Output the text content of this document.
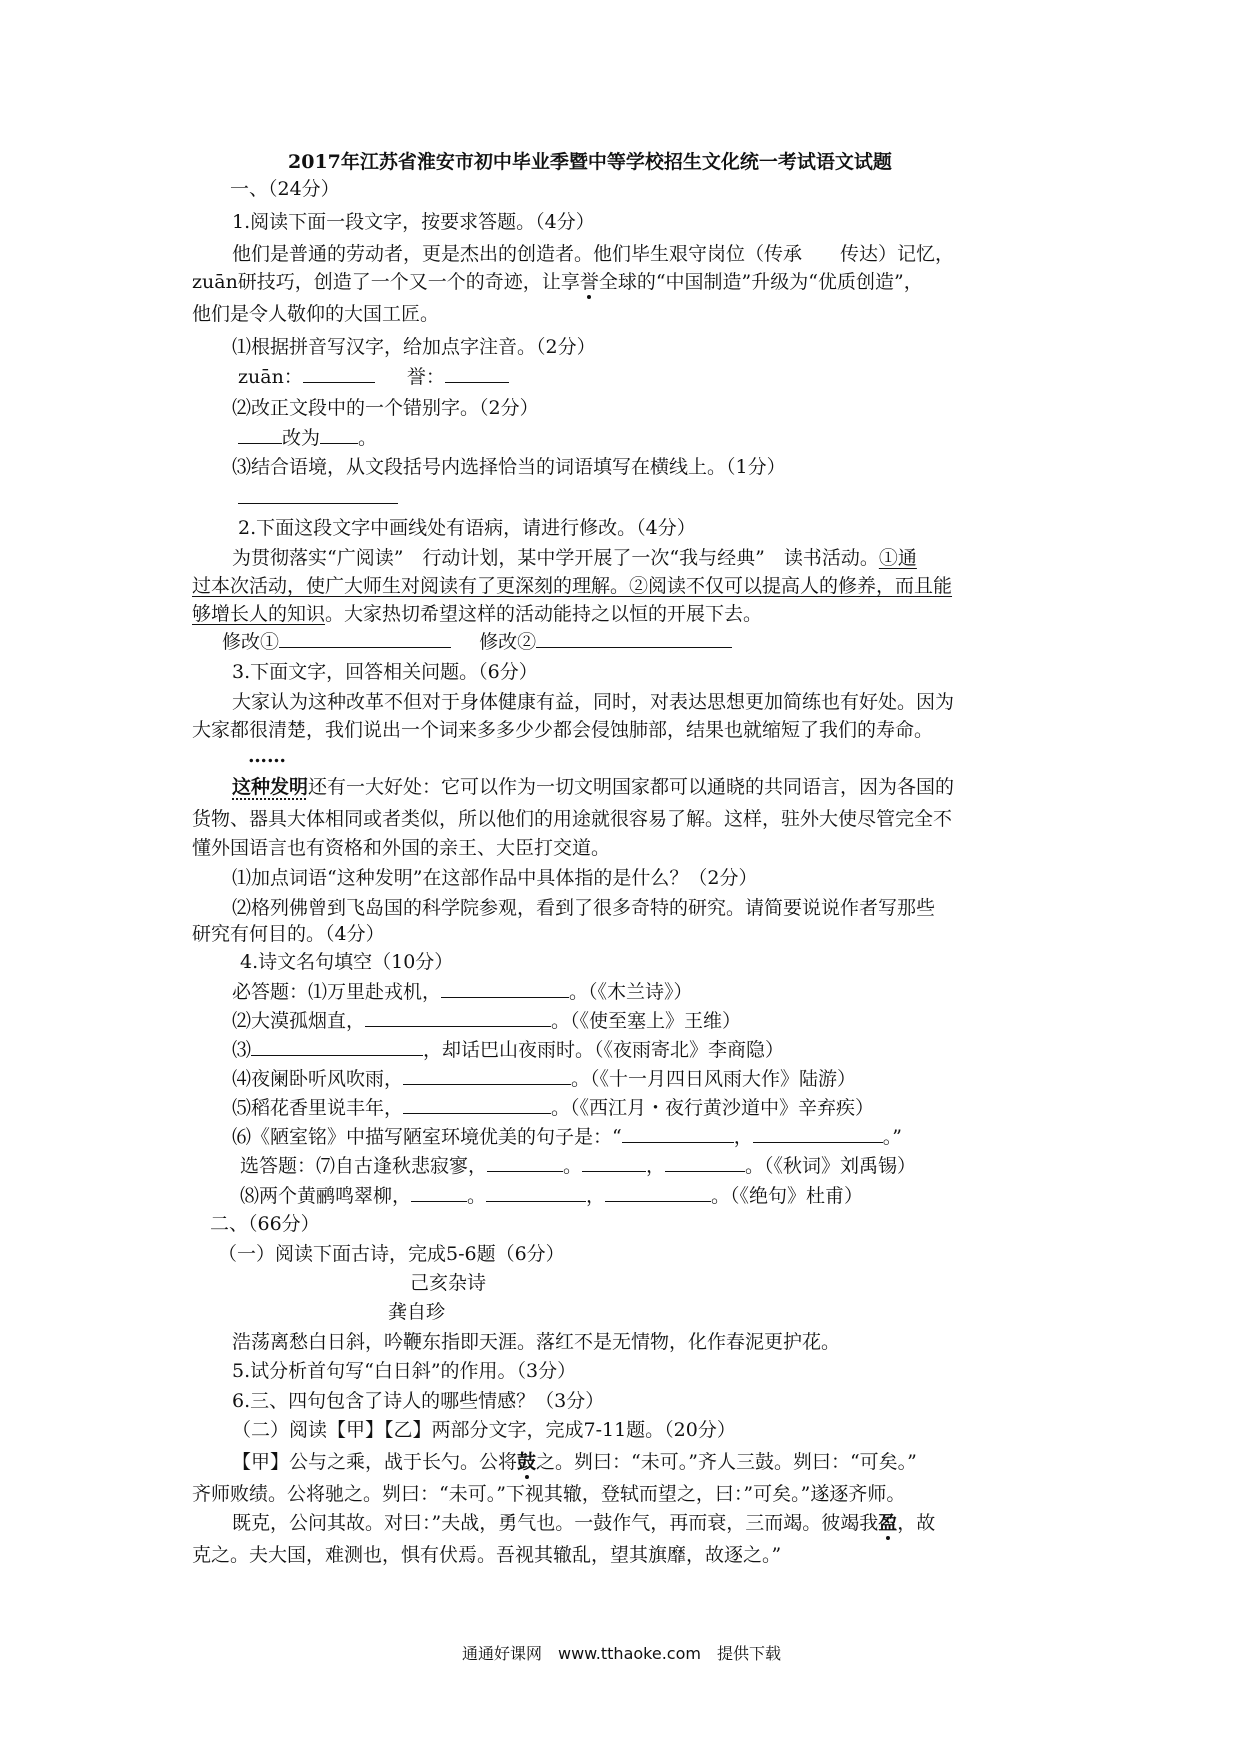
2017年江苏省淮安市初中毕业季暨中等学校招生文化统一考试语文试题
一、（24分）
1.阅读下面一段文字，按要求答题。（4分）
他们是普通的劳动者，更是杰出的创造者。他们毕生艰守岗位（传承　　传达）记忆，
zuān研技巧，创造了一个又一个的奇迹，让享誉全球的“中国制造”升级为“优质创造”，
他们是令人敬仰的大国工匠。
⑴根据拼音写汉字，给加点字注音。（2分）
zuān：	誉：
⑵改正文段中的一个错别字。（2分）
改为 。
⑶结合语境，从文段括号内选择恰当的词语填写在横线上。（1分）
2.下面这段文字中画线处有语病，请进行修改。（4分）
为贯彻落实“广阅读”　行动计划，某中学开展了一次“我与经典”　读书活动。①通
过本次活动，使广大师生对阅读有了更深刻的理解。②阅读不仅可以提高人的修养，而且能
够增长人的知识。大家热切希望这样的活动能持之以恒的开展下去。
修改①	修改②
3.下面文字，回答相关问题。（6分）
大家认为这种改革不但对于身体健康有益，同时，对表达思想更加简练也有好处。因为
大家都很清楚，我们说出一个词来多多少少都会侵蚀肺部，结果也就缩短了我们的寿命。
……
这种发明还有一大好处：它可以作为一切文明国家都可以通晓的共同语言，因为各国的
货物、器具大体相同或者类似，所以他们的用途就很容易了解。这样，驻外大使尽管完全不
懂外国语言也有资格和外国的亲王、大臣打交道。
⑴加点词语“这种发明”在这部作品中具体指的是什么？（2分）
⑵格列佛曾到飞岛国的科学院参观，看到了很多奇特的研究。请简要说说作者写那些
研究有何目的。（4分）
4.诗文名句填空（10分）
必答题：⑴万里赴戎机，	。（《木兰诗》）
⑵大漠孤烟直，	。（《使至塞上》王维）
⑶	，却话巴山夜雨时。（《夜雨寄北》李商隐）
⑷夜阑卧听风吹雨，	。（《十一月四日风雨大作》陆游）
⑸稻花香里说丰年，	。（《西江月・夜行黄沙道中》辛弃疾）
⑹《陋室铭》中描写陋室环境优美的句子是：“	，	。”
选答题：⑺自古逢秋悲寂寥，	。	，	。（《秋词》刘禹锡）
⑻两个黄鹂鸣翠柳，	。	，	。（《绝句》杜甫）
二、（66分）
（一）阅读下面古诗，完成5-6题（6分）
己亥杂诗
龚自珍
浩荡离愁白日斜，吟鞭东指即天涯。落红不是无情物，化作春泥更护花。
5.试分析首句写“白日斜”的作用。（3分）
6.三、四句包含了诗人的哪些情感？（3分）
（二）阅读【甲】【乙】两部分文字，完成7-11题。（20分）
【甲】公与之乘，战于长勺。公将鼓之。刿曰：“未可。”齐人三鼓。刿曰：“可矣。”
齐师败绩。公将驰之。刿曰：“未可。”下视其辙，登轼而望之，曰：”可矣。”遂逐齐师。
既克，公问其故。对曰：”夫战，勇气也。一鼓作气，再而衰，三而竭。彼竭我盈，故
克之。夫大国，难测也，惧有伏焉。吾视其辙乱，望其旗靡，故逐之。”
通通好课网　www.tthaoke.com　提供下载
